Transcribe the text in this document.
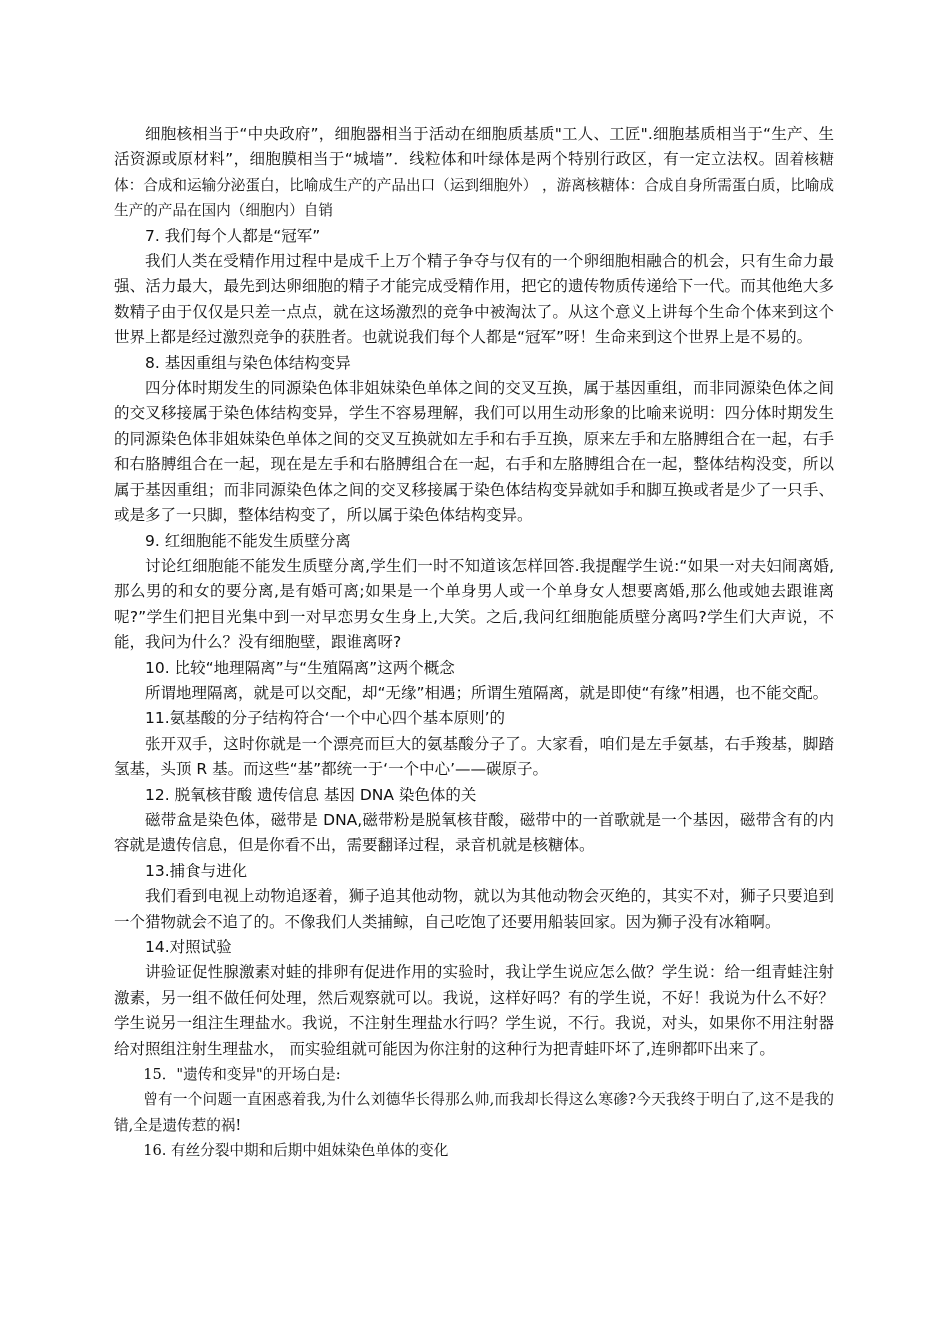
细胞核相当于“中央政府”，细胞器相当于活动在细胞质基质"工人、工匠".细胞基质相当于“生产、生活资源或原材料”，细胞膜相当于“城墙”．线粒体和叶绿体是两个特别行政区，有一定立法权。固着核糖体：合成和运输分泌蛋白，比喻成生产的产品出口（运到细胞外） ，游离核糖体：合成自身所需蛋白质，比喻成生产的产品在国内（细胞内）自销

7. 我们每个人都是“冠军”

我们人类在受精作用过程中是成千上万个精子争夺与仅有的一个卵细胞相融合的机会，只有生命力最强、活力最大，最先到达卵细胞的精子才能完成受精作用，把它的遗传物质传递给下一代。而其他绝大多数精子由于仅仅是只差一点点，就在这场激烈的竞争中被淘汰了。从这个意义上讲每个生命个体来到这个世界上都是经过激烈竞争的获胜者。也就说我们每个人都是“冠军”呀！生命来到这个世界上是不易的。

8. 基因重组与染色体结构变异

四分体时期发生的同源染色体非姐妹染色单体之间的交叉互换，属于基因重组，而非同源染色体之间的交叉移接属于染色体结构变异，学生不容易理解，我们可以用生动形象的比喻来说明：四分体时期发生的同源染色体非姐妹染色单体之间的交叉互换就如左手和右手互换，原来左手和左胳膊组合在一起，右手和右胳膊组合在一起，现在是左手和右胳膊组合在一起，右手和左胳膊组合在一起，整体结构没变，所以属于基因重组；而非同源染色体之间的交叉移接属于染色体结构变异就如手和脚互换或者是少了一只手、或是多了一只脚，整体结构变了，所以属于染色体结构变异。

9. 红细胞能不能发生质壁分离

讨论红细胞能不能发生质壁分离,学生们一时不知道该怎样回答.我提醒学生说:“如果一对夫妇闹离婚,那么男的和女的要分离,是有婚可离;如果是一个单身男人或一个单身女人想要离婚,那么他或她去跟谁离呢?”学生们把目光集中到一对早恋男女生身上,大笑。之后,我问红细胞能质壁分离吗?学生们大声说，不能，我问为什么？没有细胞壁，跟谁离呀?

10. 比较“地理隔离”与“生殖隔离”这两个概念

所谓地理隔离，就是可以交配，却“无缘”相遇；所谓生殖隔离，就是即使“有缘”相遇，也不能交配。

11.氨基酸的分子结构符合‘一个中心四个基本原则’的

张开双手，这时你就是一个漂亮而巨大的氨基酸分子了。大家看，咱们是左手氨基，右手羧基，脚踏氢基，头顶 R 基。而这些“基”都统一于‘一个中心’——碳原子。

12. 脱氧核苷酸 遗传信息 基因 DNA 染色体的关

磁带盒是染色体，磁带是 DNA,磁带粉是脱氧核苷酸，磁带中的一首歌就是一个基因，磁带含有的内容就是遗传信息，但是你看不出，需要翻译过程，录音机就是核糖体。

13.捕食与进化

我们看到电视上动物追逐着，狮子追其他动物，就以为其他动物会灭绝的，其实不对，狮子只要追到一个猎物就会不追了的。不像我们人类捕鲸，自己吃饱了还要用船装回家。因为狮子没有冰箱啊。

14.对照试验

讲验证促性腺激素对蛙的排卵有促进作用的实验时，我让学生说应怎么做？学生说：给一组青蛙注射激素，另一组不做任何处理，然后观察就可以。我说，这样好吗？有的学生说，不好！我说为什么不好？学生说另一组注生理盐水。我说，不注射生理盐水行吗？学生说，不行。我说，对头，如果你不用注射器给对照组注射生理盐水， 而实验组就可能因为你注射的这种行为把青蛙吓坏了,连卵都吓出来了。

15．"遗传和变异"的开场白是:

曾有一个问题一直困惑着我,为什么刘德华长得那么帅,而我却长得这么寒碜?今天我终于明白了,这不是我的错,全是遗传惹的祸!

16. 有丝分裂中期和后期中姐妹染色单体的变化
